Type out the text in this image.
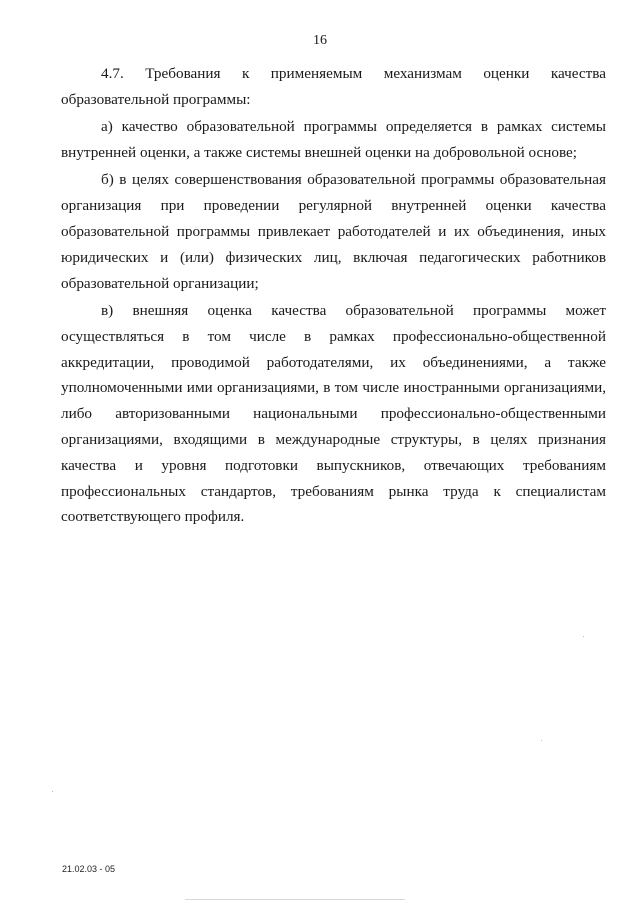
16

4.7. Требования к применяемым механизмам оценки качества образовательной программы:

а) качество образовательной программы определяется в рамках системы внутренней оценки, а также системы внешней оценки на добровольной основе;

б) в целях совершенствования образовательной программы образовательная организация при проведении регулярной внутренней оценки качества образовательной программы привлекает работодателей и их объединения, иных юридических и (или) физических лиц, включая педагогических работников образовательной организации;

в) внешняя оценка качества образовательной программы может осуществляться в том числе в рамках профессионально-общественной аккредитации, проводимой работодателями, их объединениями, а также уполномоченными ими организациями, в том числе иностранными организациями, либо авторизованными национальными профессионально-общественными организациями, входящими в международные структуры, в целях признания качества и уровня подготовки выпускников, отвечающих требованиям профессиональных стандартов, требованиям рынка труда к специалистам соответствующего профиля.

21.02.03 - 05
